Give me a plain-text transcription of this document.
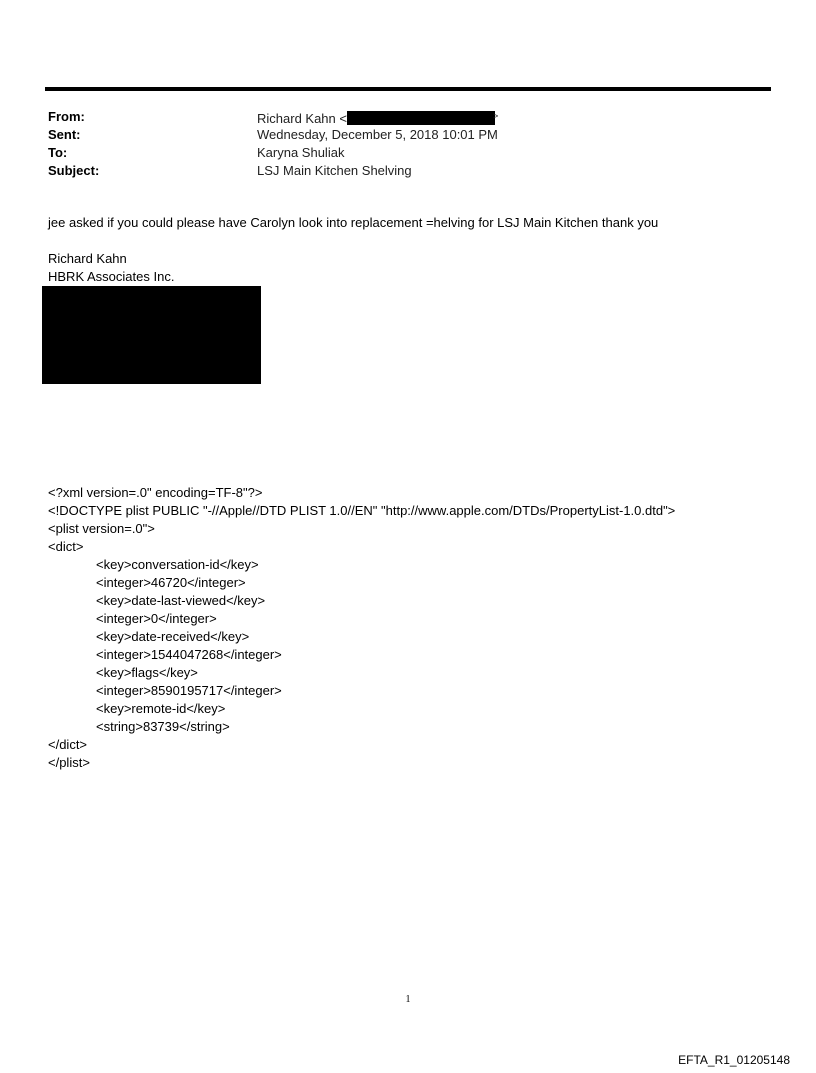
From:	Richard Kahn <	>
Sent:	Wednesday, December 5, 2018 10:01 PM
To:	Karyna Shuliak
Subject:	LSJ Main Kitchen Shelving
jee asked if you could please have Carolyn look into replacement =helving for LSJ Main Kitchen thank you
Richard Kahn
HBRK Associates Inc.
<?xml version=.0" encoding=TF-8"?>
<!DOCTYPE plist PUBLIC "-//Apple//DTD PLIST 1.0//EN" "http://www.apple.com/DTDs/PropertyList-1.0.dtd">
<plist version=.0">
<dict>
<key>conversation-id</key>
<integer>46720</integer>
<key>date-last-viewed</key>
<integer>0</integer>
<key>date-received</key>
<integer>1544047268</integer>
<key>flags</key>
<integer>8590195717</integer>
<key>remote-id</key>
<string>83739</string>
</dict>
</plist>
1
EFTA_R1_01205148
